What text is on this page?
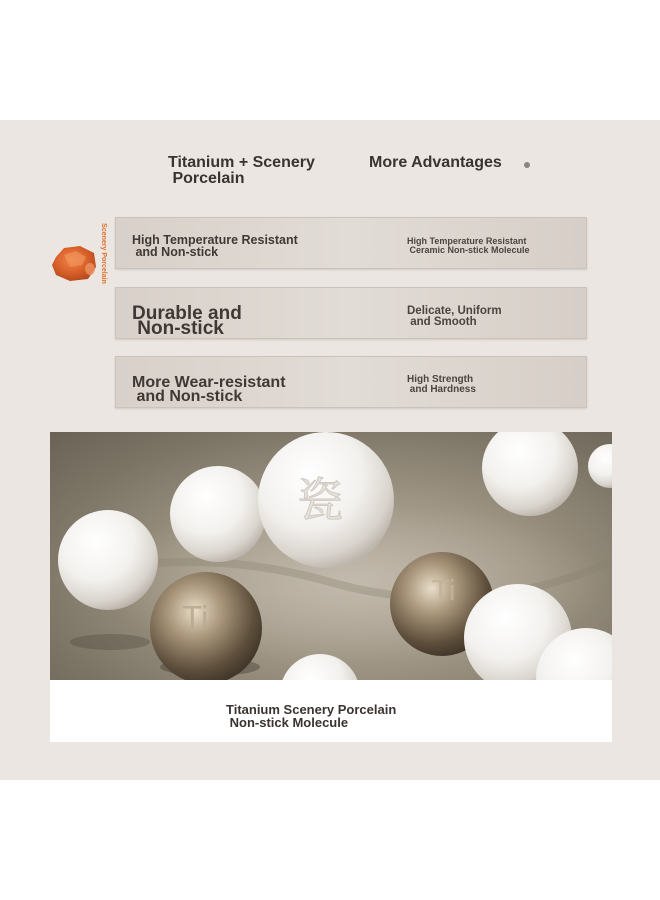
Titanium + Scenery
Porcelain
More Advantages
Scenery Porcelain High Temperature Resistant
and Non-stick
High Temperature Resistant
Ceramic Non-stick Molecule
Durable and
Non-stick
Delicate, Uniform
and Smooth
More Wear-resistant
and Non-stick
High Strength
and Hardness
瓷
Ti
Ti
Titanium Scenery Porcelain
Non-stick Molecule
